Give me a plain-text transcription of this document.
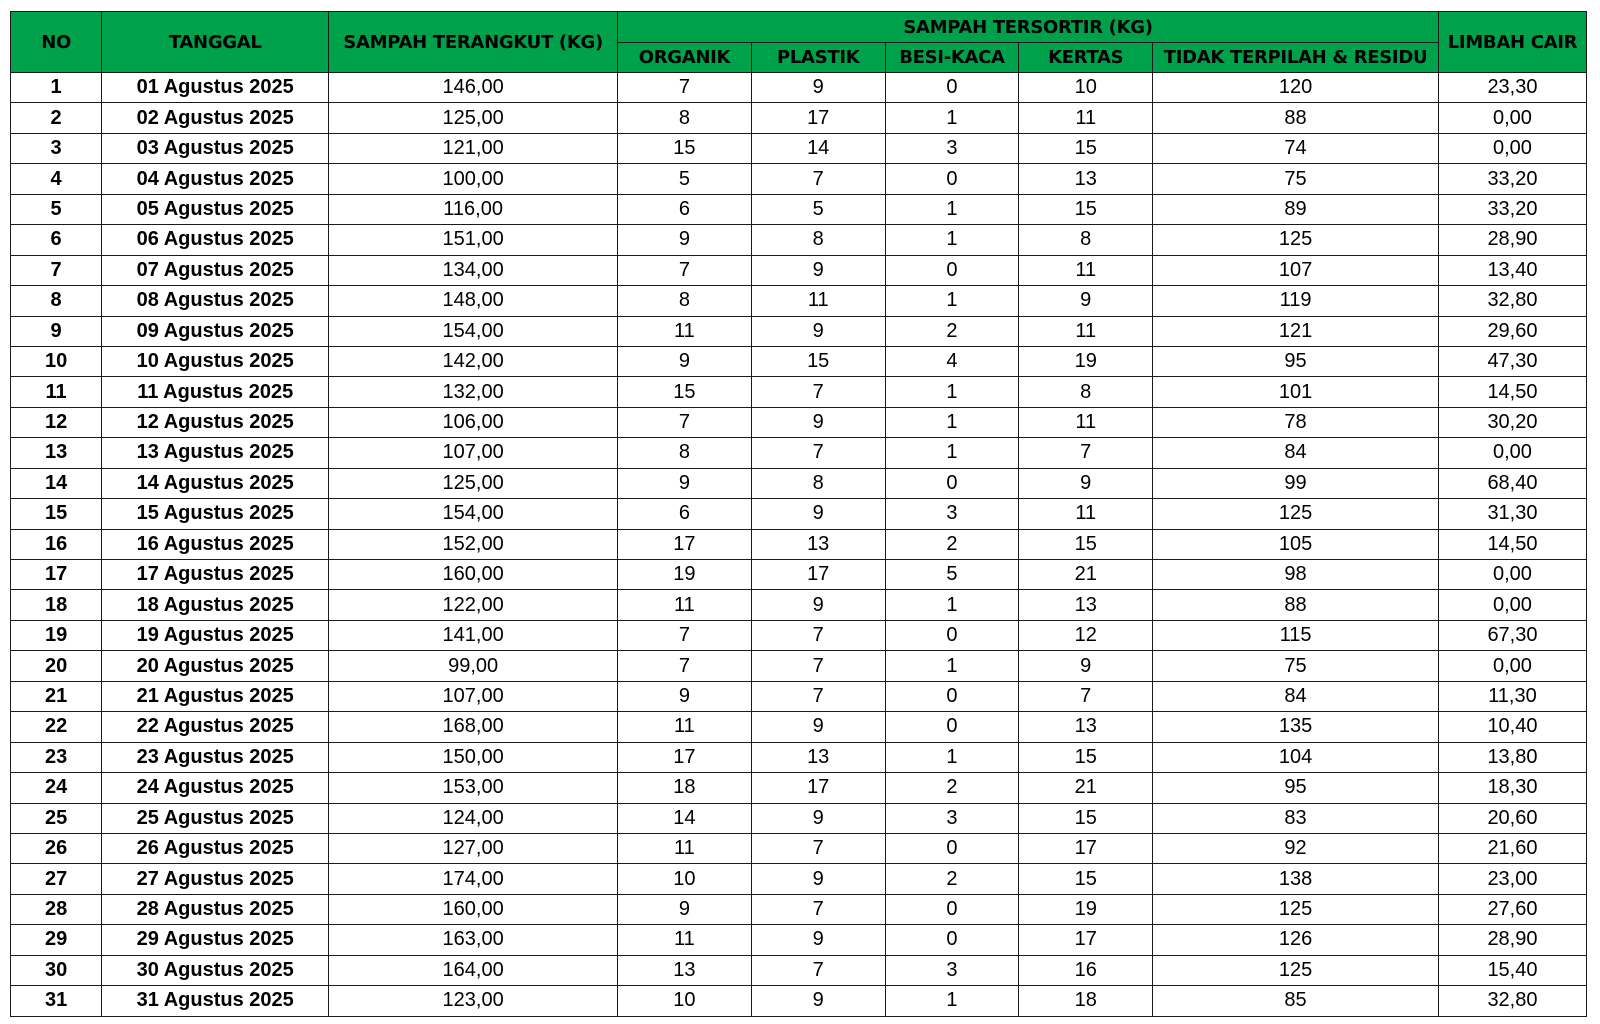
NO	TANGGAL	SAMPAH TERANGKUT (KG)	SAMPAH TERSORTIR (KG)					LIMBAH CAIR
			ORGANIK	PLASTIK	BESI-KACA	KERTAS	TIDAK TERPILAH & RESIDU	
1	01 Agustus 2025	146,00	7	9	0	10	120	23,30
2	02 Agustus 2025	125,00	8	17	1	11	88	0,00
3	03 Agustus 2025	121,00	15	14	3	15	74	0,00
4	04 Agustus 2025	100,00	5	7	0	13	75	33,20
5	05 Agustus 2025	116,00	6	5	1	15	89	33,20
6	06 Agustus 2025	151,00	9	8	1	8	125	28,90
7	07 Agustus 2025	134,00	7	9	0	11	107	13,40
8	08 Agustus 2025	148,00	8	11	1	9	119	32,80
9	09 Agustus 2025	154,00	11	9	2	11	121	29,60
10	10 Agustus 2025	142,00	9	15	4	19	95	47,30
11	11 Agustus 2025	132,00	15	7	1	8	101	14,50
12	12 Agustus 2025	106,00	7	9	1	11	78	30,20
13	13 Agustus 2025	107,00	8	7	1	7	84	0,00
14	14 Agustus 2025	125,00	9	8	0	9	99	68,40
15	15 Agustus 2025	154,00	6	9	3	11	125	31,30
16	16 Agustus 2025	152,00	17	13	2	15	105	14,50
17	17 Agustus 2025	160,00	19	17	5	21	98	0,00
18	18 Agustus 2025	122,00	11	9	1	13	88	0,00
19	19 Agustus 2025	141,00	7	7	0	12	115	67,30
20	20 Agustus 2025	99,00	7	7	1	9	75	0,00
21	21 Agustus 2025	107,00	9	7	0	7	84	11,30
22	22 Agustus 2025	168,00	11	9	0	13	135	10,40
23	23 Agustus 2025	150,00	17	13	1	15	104	13,80
24	24 Agustus 2025	153,00	18	17	2	21	95	18,30
25	25 Agustus 2025	124,00	14	9	3	15	83	20,60
26	26 Agustus 2025	127,00	11	7	0	17	92	21,60
27	27 Agustus 2025	174,00	10	9	2	15	138	23,00
28	28 Agustus 2025	160,00	9	7	0	19	125	27,60
29	29 Agustus 2025	163,00	11	9	0	17	126	28,90
30	30 Agustus 2025	164,00	13	7	3	16	125	15,40
31	31 Agustus 2025	123,00	10	9	1	18	85	32,80
